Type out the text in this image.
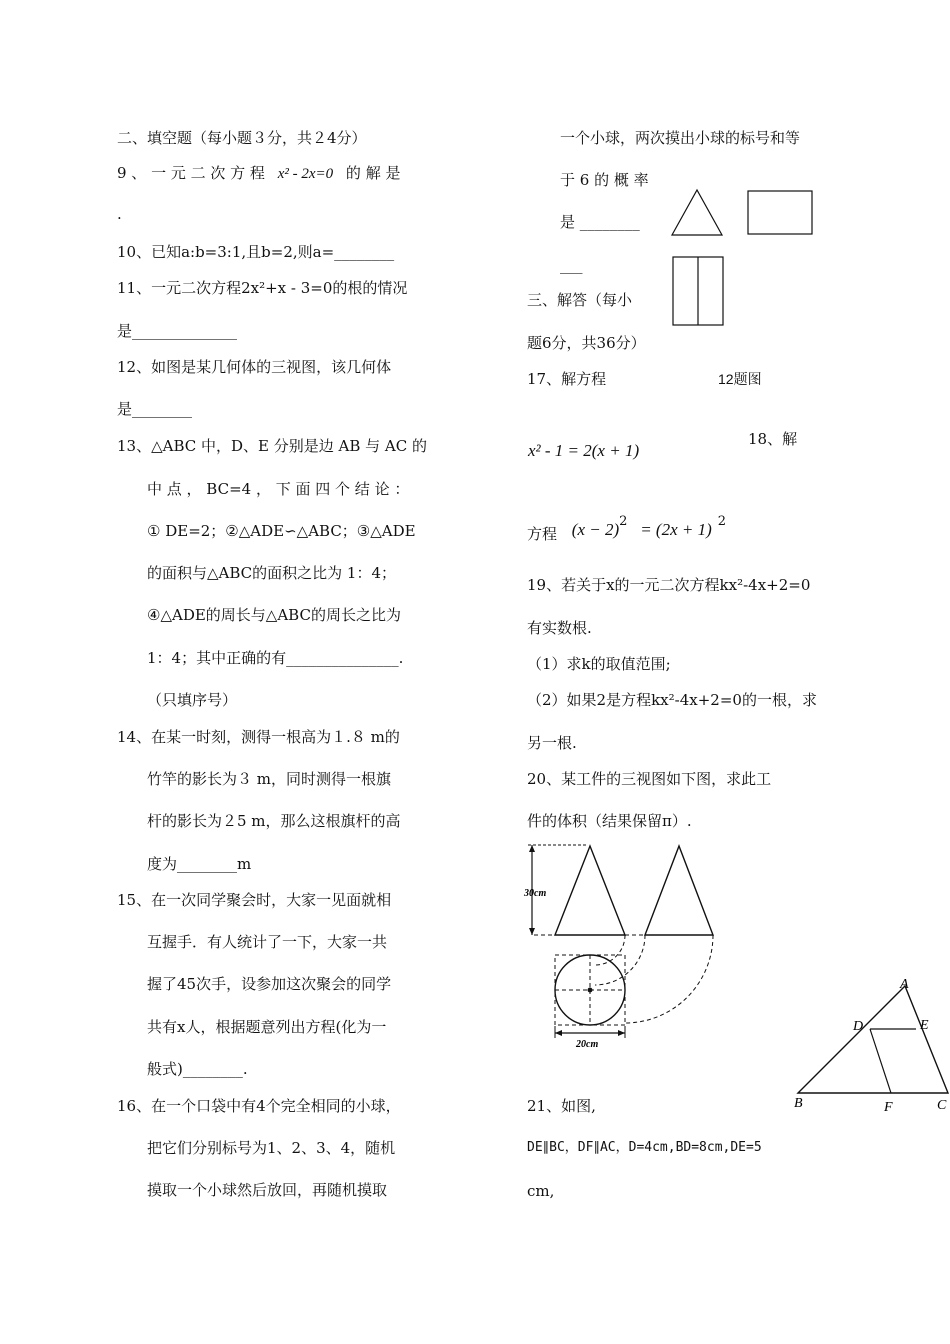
二、填空题（每小题３分，共２4分）
9 、 一 元 二 次 方 程 x² - 2x=0 的 解 是
.
10、已知a:b=3:1,且b=2,则a=________
11、一元二次方程2x²+x - 3=0的根的情况
是______________
12、如图是某几何体的三视图，该几何体
是________
13、△ABC 中，D、E 分别是边 AB 与 AC 的
中 点 ， BC=4 ， 下 面 四 个 结 论 ：
① DE=2；②△ADE∽△ABC；③△ADE
的面积与△ABC的面积之比为 1：4；
④△ADE的周长与△ABC的周长之比为
1：4；其中正确的有_______________.
（只填序号）
14、在某一时刻，测得一根高为１.８ m的
竹竿的影长为３ m，同时测得一根旗
杆的影长为２5 m，那么这根旗杆的高
度为________m
15、在一次同学聚会时，大家一见面就相
互握手．有人统计了一下，大家一共
握了45次手，设参加这次聚会的同学
共有x人，根据题意列出方程(化为一
般式)________.
16、在一个口袋中有4个完全相同的小球，
把它们分别标号为1、2、3、4，随机
摸取一个小球然后放回，再随机摸取
一个小球，两次摸出小球的标号和等
于 6 的 概 率
是 ________
___
三、解答（每小
题6分，共36分）
17、解方程	12题图
x² - 1 = 2(x + 1)
18、解
方程 $(x - 2)^2 = (2x + 1)$ $^2$
19、若关于x的一元二次方程kx²-4x+2=0
有实数根.
（1）求k的取值范围;
（2）如果2是方程kx²-4x+2=0的一根，求
另一根.
20、某工件的三视图如下图，求此工
件的体积（结果保留π）.
21、如图,
DE∥BC，DF∥AC，D=4cm,BD=8cm,DE=5
cm,
30cm
20cm
A
B	C
D	E
F
